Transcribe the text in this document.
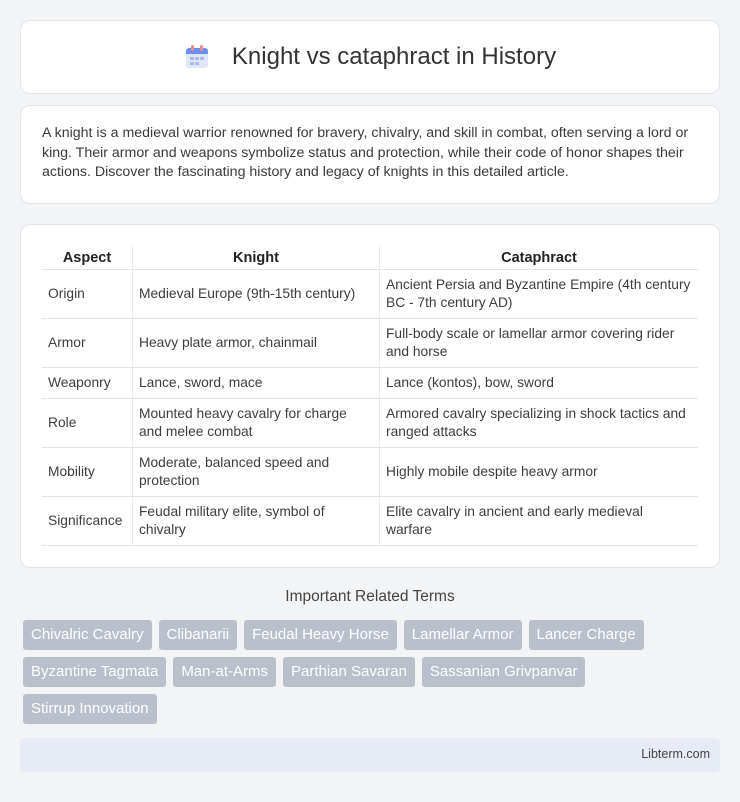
Knight vs cataphract in History

A knight is a medieval warrior renowned for bravery, chivalry, and skill in combat, often serving a lord or king. Their armor and weapons symbolize status and protection, while their code of honor shapes their actions. Discover the fascinating history and legacy of knights in this detailed article.

Aspect	Knight	Cataphract
Origin	Medieval Europe (9th-15th century)	Ancient Persia and Byzantine Empire (4th century BC - 7th century AD)
Armor	Heavy plate armor, chainmail	Full-body scale or lamellar armor covering rider and horse
Weaponry	Lance, sword, mace	Lance (kontos), bow, sword
Role	Mounted heavy cavalry for charge and melee combat	Armored cavalry specializing in shock tactics and ranged attacks
Mobility	Moderate, balanced speed and protection	Highly mobile despite heavy armor
Significance	Feudal military elite, symbol of chivalry	Elite cavalry in ancient and early medieval warfare
Important Related Terms
Chivalric Cavalry	Clibanarii	Feudal Heavy Horse	Lamellar Armor	Lancer Charge
Byzantine Tagmata	Man-at-Arms	Parthian Savaran	Sassanian Grivpanvar
Stirrup Innovation
Libterm.com
